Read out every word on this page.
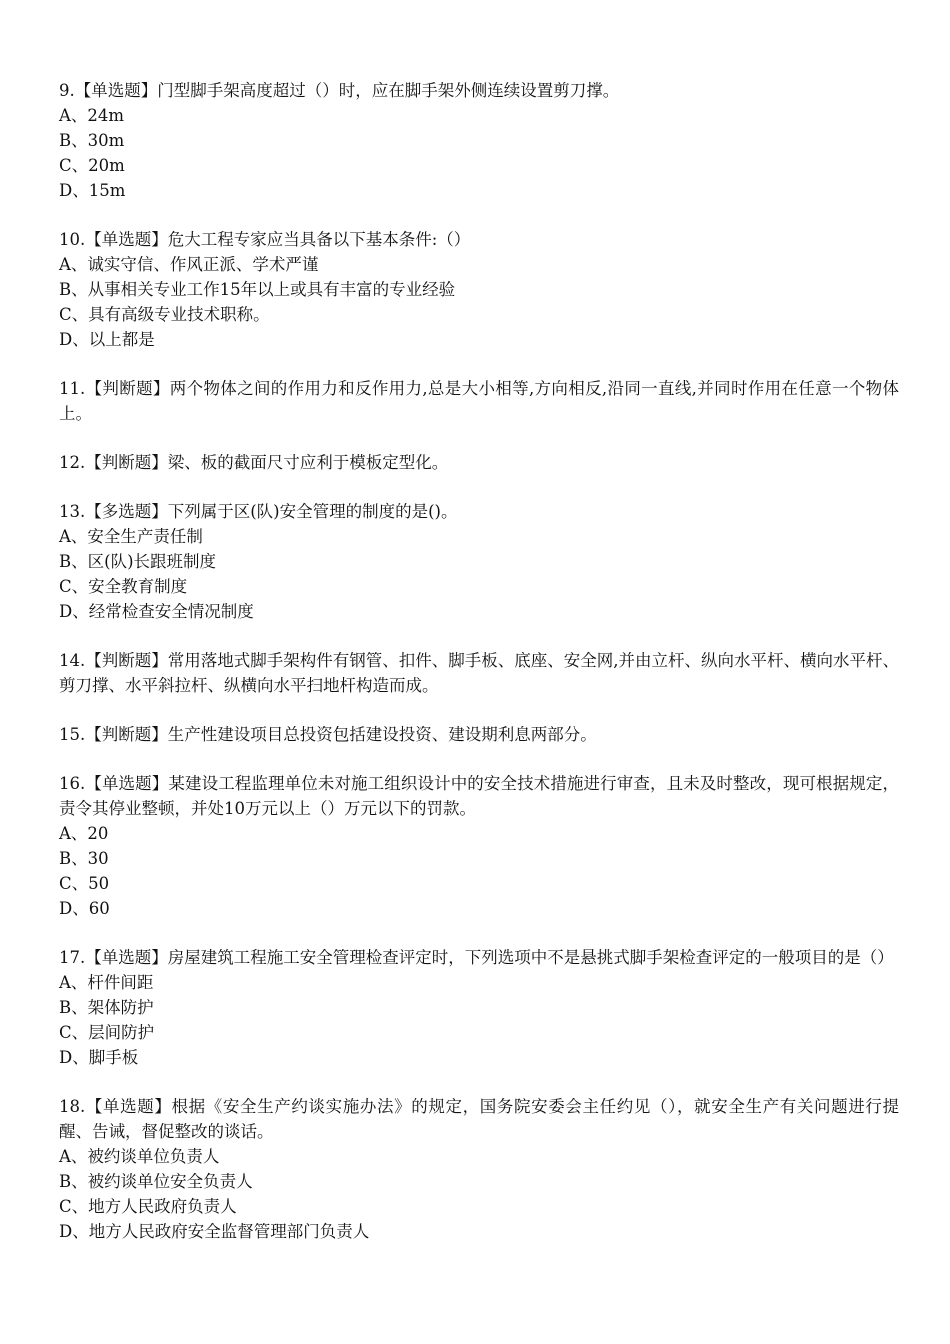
9.【单选题】门型脚手架高度超过（）时，应在脚手架外侧连续设置剪刀撑。
A、24m
B、30m
C、20m
D、15m
10.【单选题】危大工程专家应当具备以下基本条件:（）
A、诚实守信、作风正派、学术严谨
B、从事相关专业工作15年以上或具有丰富的专业经验
C、具有高级专业技术职称。
D、以上都是
11.【判断题】两个物体之间的作用力和反作用力,总是大小相等,方向相反,沿同一直线,并同时作用在任意一个物体上。
12.【判断题】梁、板的截面尺寸应利于模板定型化。
13.【多选题】下列属于区(队)安全管理的制度的是()。
A、安全生产责任制
B、区(队)长跟班制度
C、安全教育制度
D、经常检查安全情况制度
14.【判断题】常用落地式脚手架构件有钢管、扣件、脚手板、底座、安全网,并由立杆、纵向水平杆、横向水平杆、剪刀撑、水平斜拉杆、纵横向水平扫地杆构造而成。
15.【判断题】生产性建设项目总投资包括建设投资、建设期利息两部分。
16.【单选题】某建设工程监理单位未对施工组织设计中的安全技术措施进行审查，且未及时整改，现可根据规定，责令其停业整顿，并处10万元以上（）万元以下的罚款。
A、20
B、30
C、50
D、60
17.【单选题】房屋建筑工程施工安全管理检查评定时，下列选项中不是悬挑式脚手架检查评定的一般项目的是（）
A、杆件间距
B、架体防护
C、层间防护
D、脚手板
18.【单选题】根据《安全生产约谈实施办法》的规定，国务院安委会主任约见（），就安全生产有关问题进行提醒、告诫，督促整改的谈话。
A、被约谈单位负责人
B、被约谈单位安全负责人
C、地方人民政府负责人
D、地方人民政府安全监督管理部门负责人
